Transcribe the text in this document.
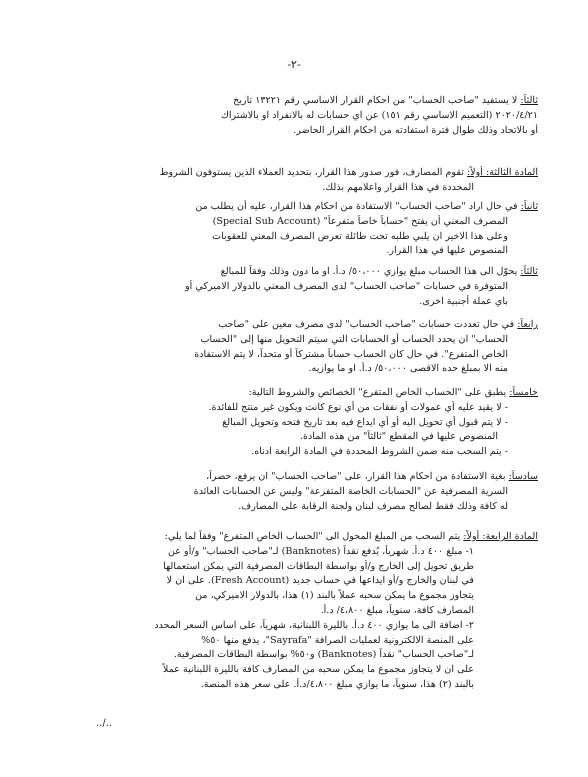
-٢-
ثالثاً: لا يستفيد "صاحب الحساب" من احكام القرار الاساسي رقم ١٣٢٢١ تاريخ
٢٠٢٠/٤/٢١ (التعميم الاساسي رقم ١٥١) عن اي حسابات له بالانفراد او بالاشتراك
أو بالاتحاد وذلك طوال فترة استفادته من احكام القرار الحاضر.
المادة الثالثة: أولاً: تقوم المصارف، فور صدور هذا القرار، بتحديد العملاء الذين يستوفون الشروط
المحددة في هذا القرار واعلامهم بذلك.
ثانياً: في حال اراد "صاحب الحساب" الاستفادة من احكام هذا القرار، عليه أن يطلب من
المصرف المعني أن يفتح "حساباً خاصاً متفرعاً" (Special Sub Account)
وعلى هذا الاخير ان يلبي طلبه تحت طائلة تعرض المصرف المعني للعقوبات
المنصوص عليها في هذا القرار.
ثالثاً: يحوّل الى هذا الحساب مبلغ يوازي ٥٠،٠٠٠/ د.أ. او ما دون وذلك وفقاً للمبالغ
المتوفرة في حسابات "صاحب الحساب" لدى المصرف المعني بالدولار الاميركي أو
باي عملة أجنبية اخرى.
رابعاً: في حال تعددت حسابات "صاحب الحساب" لدى مصرف معين على "صاحب
الحساب" ان يحدد الحساب أو الحسابات التي سيتم التحويل منها إلى "الحساب
الخاص المتفرع". في حال كان الحساب حساباً مشتركاً أو متحداً، لا يتم الاستفادة
منه الا بمبلغ حده الاقصى ٥٠،٠٠٠/ د.أ. او ما يوازيه.
خامساً: يطبق على "الحساب الخاص المتفرع" الخصائص والشروط التالية:
- لا يقيد عليه أي عمولات أو نفقات من أي نوع كانت ويكون غير منتج للفائدة.
- لا يتم قبول أي تحويل اليه أو أي ايداع فيه بعد تاريخ فتحه وتحويل المبالغ
المنصوص عليها في المقطع "ثالثاً" من هذه المادة.
- يتم السحب منه ضمن الشروط المحددة في المادة الرابعة ادناه.
سادساً: بغية الاستفادة من احكام هذا القرار، على "صاحب الحساب" ان يرفع، حصراً،
السرية المصرفية عن "الحسابات الخاصة المتفرعة" وليس عن الحسابات العائدة
له كافة وذلك فقط لصالح مصرف لبنان ولجنة الرقابة على المصارف.
المادة الرابعة: أولاً: يتم السحب من المبلغ المحول الى "الحساب الخاص المتفرع" وفقاً لما يلي:
١- مبلغ ٤٠٠ د.أ. شهرياً، يُدفع نقداً (Banknotes) لـ"صاحب الحساب" و/أو عن
طريق تحويل إلى الخارج و/أو بواسطة البطاقات المصرفية التي يمكن استعمالها
في لبنان والخارج و/أو ايداعها في حساب جديد (Fresh Account). على ان لا
يتجاوز مجموع ما يمكن سحبه عملاً بالبند (١) هذا، بالدولار الاميركي، من
المصارف كافة، سنوياً، مبلغ ٤،٨٠٠/ د.أ.
٢- اضافة الى ما يوازي ٤٠٠ د.أ. بالليرة اللبنانية، شهرياً، على اساس السعر المحدد
على المنصة الالكترونية لعمليات الصرافة "Sayrafa"، يدفع منها ٥٠%
لـ"صاحب الحساب" نقداً (Banknotes) و٥٠% بواسطة البطاقات المصرفية.
على ان لا يتجاوز مجموع ما يمكن سحبه من المصارف كافة بالليرة اللبنانية عملاً
بالبند (٢) هذا، سنوياً، ما يوازي مبلغ ٤،٨٠٠/د.أ. على سعر هذه المنصة.
../..
